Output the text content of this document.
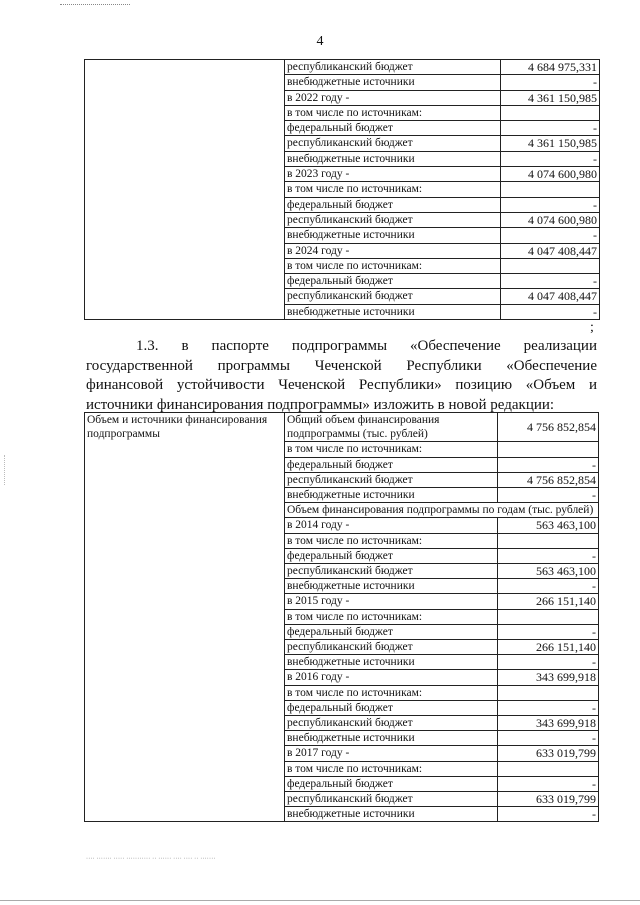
4
	республиканский бюджет	4 684 975,331
	внебюджетные источники	-
	в 2022 году -	4 361 150,985
	в том числе по источникам:	
	федеральный бюджет	-
	республиканский бюджет	4 361 150,985
	внебюджетные источники	-
	в 2023 году -	4 074 600,980
	в том числе по источникам:	
	федеральный бюджет	-
	республиканский бюджет	4 074 600,980
	внебюджетные источники	-
	в 2024 году -	4 047 408,447
	в том числе по источникам:	
	федеральный бюджет	-
	республиканский бюджет	4 047 408,447
	внебюджетные источники	-
;
1.3. в паспорте подпрограммы «Обеспечение реализации
государственной программы Чеченской Республики «Обеспечение
финансовой устойчивости Чеченской Республики» позицию «Объем и
источники финансирования подпрограммы» изложить в новой редакции:
Объем и источники финансирования подпрограммы	Общий объем финансирования подпрограммы (тыс. рублей)	4 756 852,854
	в том числе по источникам:	
	федеральный бюджет	-
	республиканский бюджет	4 756 852,854
	внебюджетные источники	-
	Объем финансирования подпрограммы по годам (тыс. рублей)	
	в 2014 году -	563 463,100
	в том числе по источникам:	
	федеральный бюджет	-
	республиканский бюджет	563 463,100
	внебюджетные источники	-
	в 2015 году -	266 151,140
	в том числе по источникам:	
	федеральный бюджет	-
	республиканский бюджет	266 151,140
	внебюджетные источники	-
	в 2016 году -	343 699,918
	в том числе по источникам:	
	федеральный бюджет	-
	республиканский бюджет	343 699,918
	внебюджетные источники	-
	в 2017 году -	633 019,799
	в том числе по источникам:	
	федеральный бюджет	-
	республиканский бюджет	633 019,799
	внебюджетные источники	-
···· ······· ····· ··········· ·· ······ ···· ···· ·· ·······
